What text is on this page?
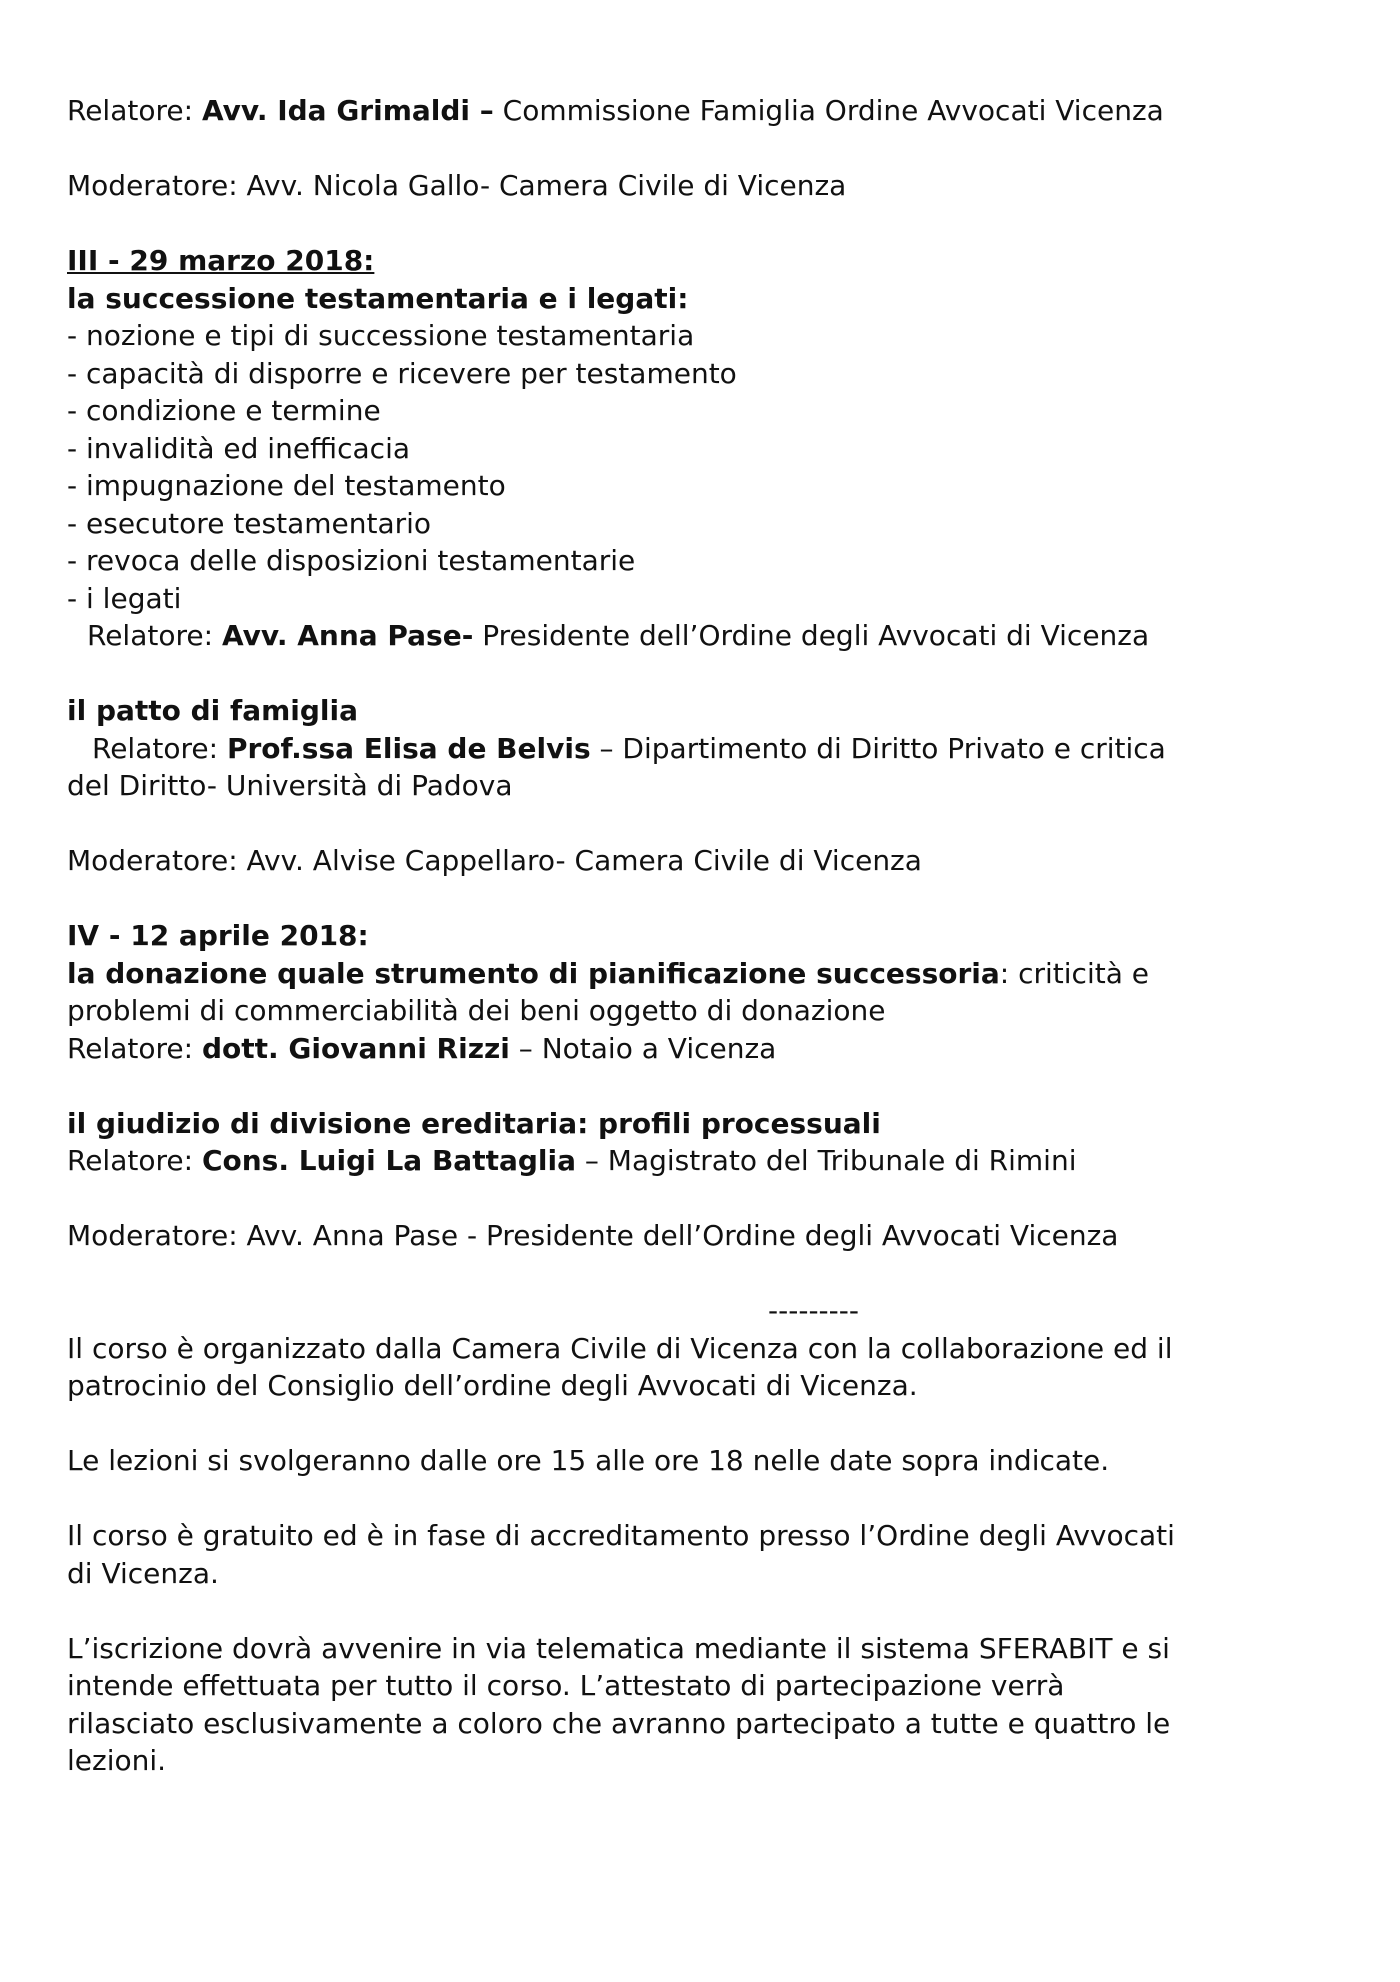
Relatore: Avv. Ida Grimaldi – Commissione Famiglia Ordine Avvocati Vicenza
Moderatore: Avv. Nicola Gallo- Camera Civile di Vicenza
III - 29 marzo 2018:
la successione testamentaria e i legati:
- nozione e tipi di successione testamentaria
- capacità di disporre e ricevere per testamento
- condizione e termine
- invalidità ed inefficacia
- impugnazione del testamento
- esecutore testamentario
- revoca delle disposizioni testamentarie
- i legati
Relatore: Avv. Anna Pase- Presidente dell’Ordine degli Avvocati di Vicenza
il patto di famiglia
Relatore: Prof.ssa Elisa de Belvis – Dipartimento di Diritto Privato e critica
del Diritto- Università di Padova
Moderatore: Avv. Alvise Cappellaro- Camera Civile di Vicenza
IV - 12 aprile 2018:
la donazione quale strumento di pianificazione successoria: criticità e
problemi di commerciabilità dei beni oggetto di donazione
Relatore: dott. Giovanni Rizzi – Notaio a Vicenza
il giudizio di divisione ereditaria: profili processuali
Relatore: Cons. Luigi La Battaglia – Magistrato del Tribunale di Rimini
Moderatore: Avv. Anna Pase - Presidente dell’Ordine degli Avvocati Vicenza
---------
Il corso è organizzato dalla Camera Civile di Vicenza con la collaborazione ed il
patrocinio del Consiglio dell’ordine degli Avvocati di Vicenza.
Le lezioni si svolgeranno dalle ore 15 alle ore 18 nelle date sopra indicate.
Il corso è gratuito ed è in fase di accreditamento presso l’Ordine degli Avvocati
di Vicenza.
L’iscrizione dovrà avvenire in via telematica mediante il sistema SFERABIT e si
intende effettuata per tutto il corso. L’attestato di partecipazione verrà
rilasciato esclusivamente a coloro che avranno partecipato a tutte e quattro le
lezioni.
